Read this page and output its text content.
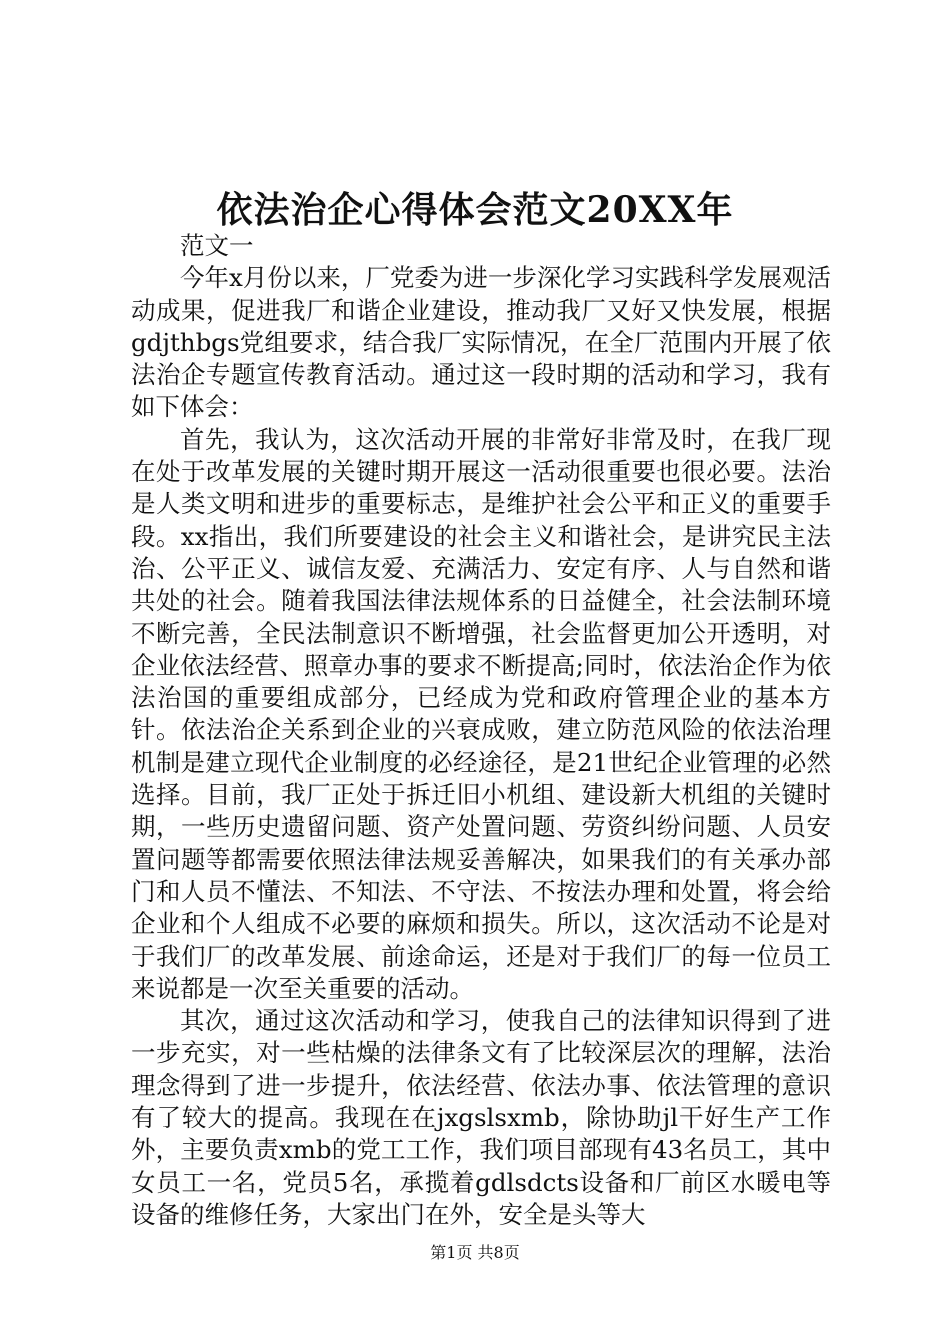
依法治企心得体会范文20XX年

范文一

今年x月份以来，厂党委为进一步深化学习实践科学发展观活动成果，促进我厂和谐企业建设，推动我厂又好又快发展，根据gdjthbgs党组要求，结合我厂实际情况，在全厂范围内开展了依法治企专题宣传教育活动。通过这一段时期的活动和学习，我有如下体会：

首先，我认为，这次活动开展的非常好非常及时，在我厂现在处于改革发展的关键时期开展这一活动很重要也很必要。法治是人类文明和进步的重要标志，是维护社会公平和正义的重要手段。xx指出，我们所要建设的社会主义和谐社会，是讲究民主法治、公平正义、诚信友爱、充满活力、安定有序、人与自然和谐共处的社会。随着我国法律法规体系的日益健全，社会法制环境不断完善，全民法制意识不断增强，社会监督更加公开透明，对企业依法经营、照章办事的要求不断提高;同时，依法治企作为依法治国的重要组成部分，已经成为党和政府管理企业的基本方针。依法治企关系到企业的兴衰成败，建立防范风险的依法治理机制是建立现代企业制度的必经途径，是21世纪企业管理的必然选择。目前，我厂正处于拆迁旧小机组、建设新大机组的关键时期，一些历史遗留问题、资产处置问题、劳资纠纷问题、人员安置问题等都需要依照法律法规妥善解决，如果我们的有关承办部门和人员不懂法、不知法、不守法、不按法办理和处置，将会给企业和个人组成不必要的麻烦和损失。所以，这次活动不论是对于我们厂的改革发展、前途命运，还是对于我们厂的每一位员工来说都是一次至关重要的活动。

其次，通过这次活动和学习，使我自己的法律知识得到了进一步充实，对一些枯燥的法律条文有了比较深层次的理解，法治理念得到了进一步提升，依法经营、依法办事、依法管理的意识有了较大的提高。我现在在jxgslsxmb，除协助jl干好生产工作外，主要负责xmb的党工工作，我们项目部现有43名员工，其中女员工一名，党员5名，承揽着gdlsdcts设备和厂前区水暖电等设备的维修任务，大家出门在外，安全是头等大

第1页 共8页
